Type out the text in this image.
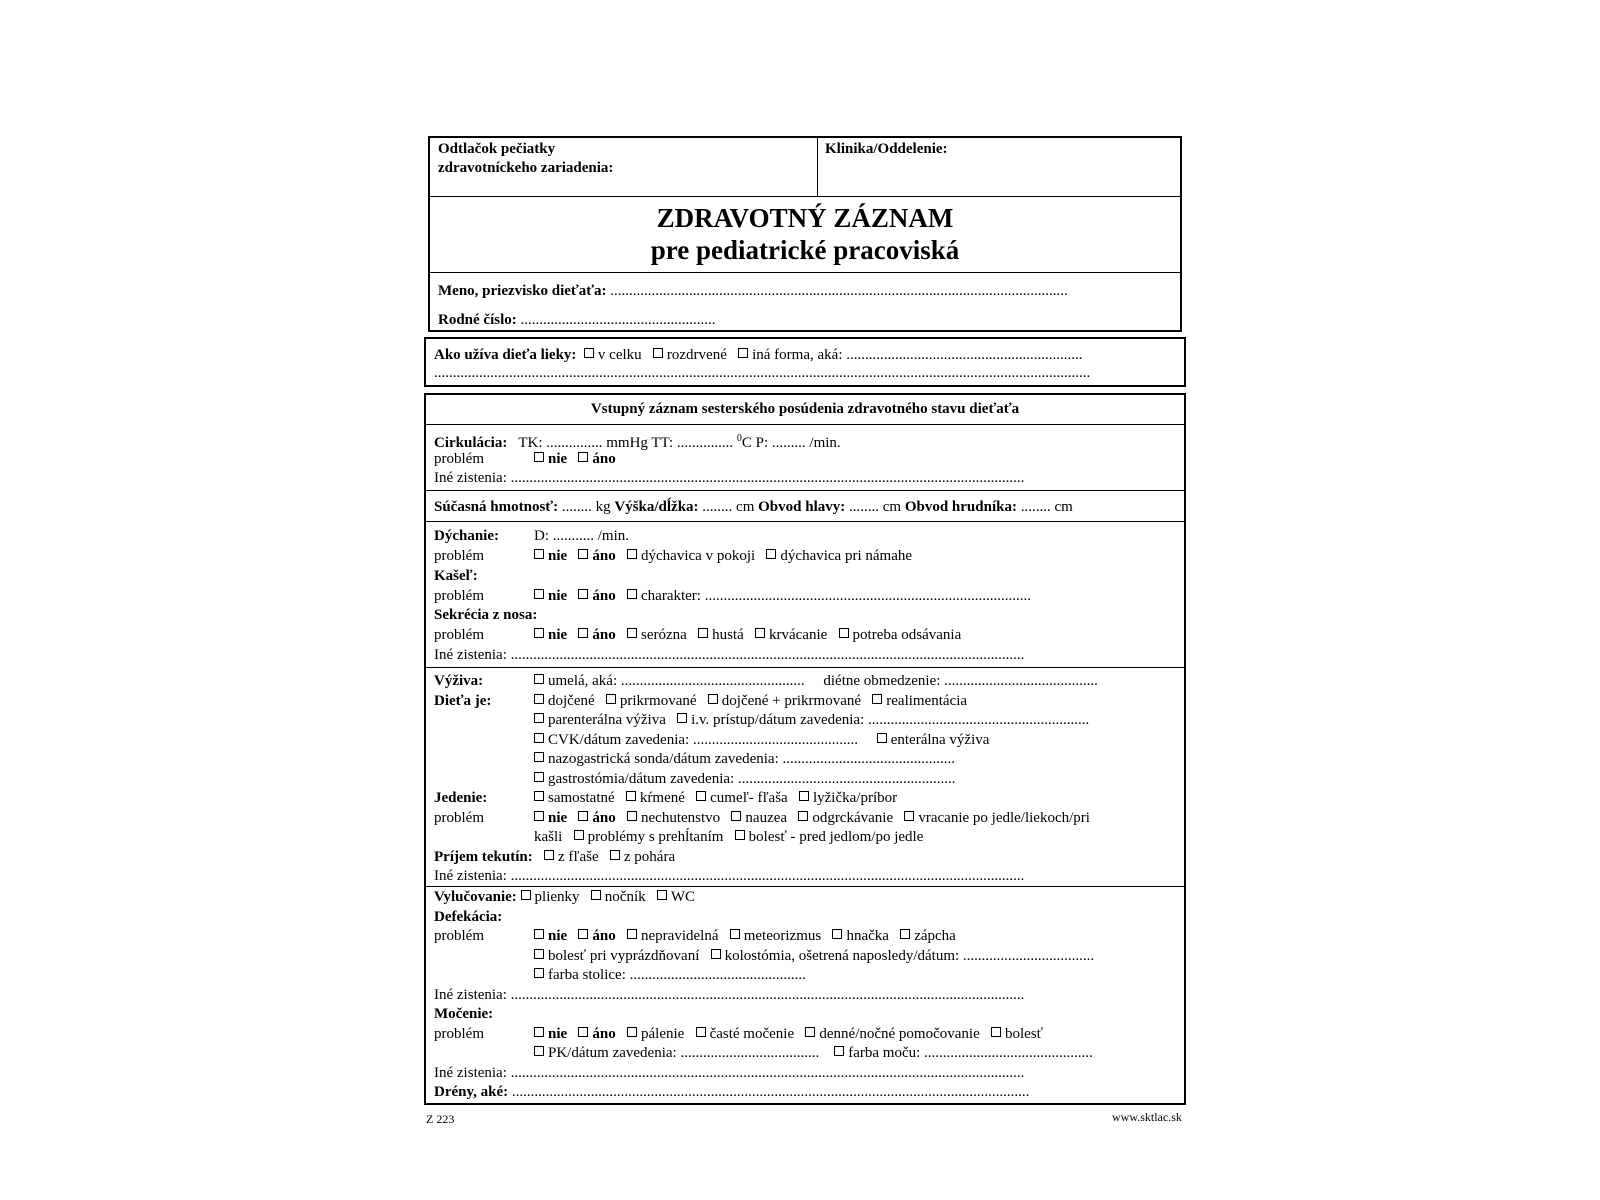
Odtlačok pečiatky
zdravotníckeho zariadenia:
Klinika/Oddelenie:
ZDRAVOTNÝ ZÁZNAM
pre pediatrické pracoviská
Meno, priezvisko dieťaťa: ..........................................................................................................................
Rodné číslo: ....................................................
Ako užíva dieťa lieky: v celku rozdrvené iná forma, aká: ...............................................................
...............................................................................................................................................................................
Vstupný záznam sesterského posúdenia zdravotného stavu dieťaťa
Cirkulácia: TK: ............... mmHg TT: ............... $^0$C P: ......... /min.
problém	nie áno
Iné zistenia: .........................................................................................................................................
Súčasná hmotnosť: ........ kg Výška/dĺžka: ........ cm Obvod hlavy: ........ cm Obvod hrudníka: ........ cm
Dýchanie: D: ........... /min.
problém	nie áno dýchavica v pokoji dýchavica pri námahe
Kašeľ:
problém	nie áno charakter: .......................................................................................
Sekrécia z nosa:
problém	nie áno serózna hustá krvácanie potreba odsávania
Iné zistenia: .........................................................................................................................................
Výživa:	umelá, aká: ................................................. diétne obmedzenie: .........................................
Dieťa je:	dojčené prikrmované dojčené + prikrmované realimentácia
parenterálna výživa i.v. prístup/dátum zavedenia: ...........................................................
CVK/dátum zavedenia: ............................................ enterálna výživa
nazogastrická sonda/dátum zavedenia: ..............................................
gastrostómia/dátum zavedenia: ..........................................................
Jedenie:	samostatné kŕmené cumeľ- fľaša lyžička/príbor
problém	nie áno nechutenstvo nauzea odgrckávanie vracanie po jedle/liekoch/pri
kašli problémy s prehĺtaním bolesť - pred jedlom/po jedle
Príjem tekutín: z fľaše z pohára
Iné zistenia: .........................................................................................................................................
Vylučovanie: plienky nočník WC
Defekácia:
problém	nie áno nepravidelná meteorizmus hnačka zápcha
bolesť pri vyprázdňovaní kolostómia, ošetrená naposledy/dátum: ...................................
farba stolice: ...............................................
Iné zistenia: .........................................................................................................................................
Močenie:
problém	nie áno pálenie časté močenie denné/nočné pomočovanie bolesť
PK/dátum zavedenia: ..................................... farba moču: .............................................
Iné zistenia: .........................................................................................................................................
Drény, aké: ..........................................................................................................................................
Z 223	www.sktlac.sk
